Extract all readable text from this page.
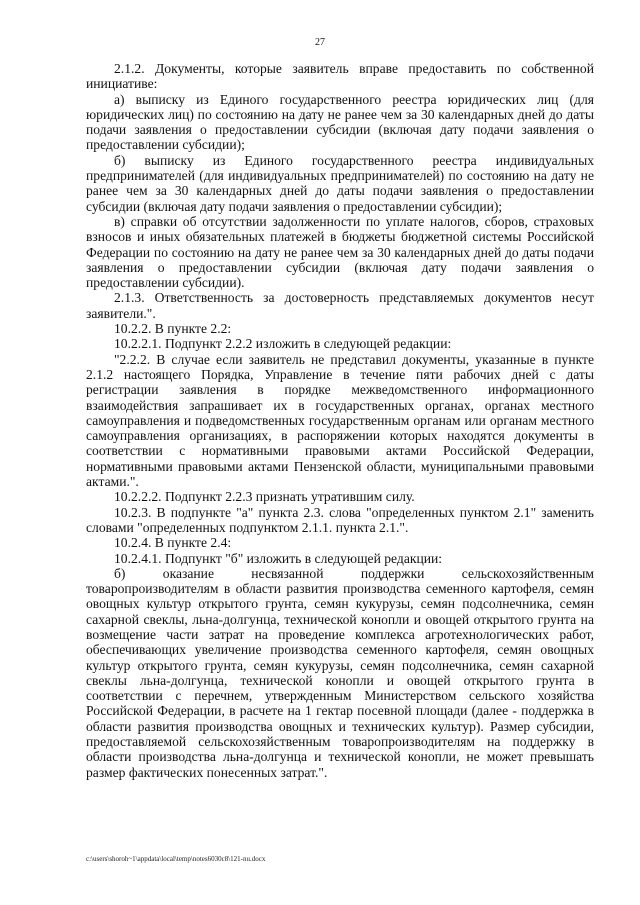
27

2.1.2. Документы, которые заявитель вправе предоставить по собственной инициативе:

а) выписку из Единого государственного реестра юридических лиц (для юридических лиц) по состоянию на дату не ранее чем за 30 календарных дней до даты подачи заявления о предоставлении субсидии (включая дату подачи заявления о предоставлении субсидии);

б) выписку из Единого государственного реестра индивидуальных предпринимателей (для индивидуальных предпринимателей) по состоянию на дату не ранее чем за 30 календарных дней до даты подачи заявления о предоставлении субсидии (включая дату подачи заявления о предоставлении субсидии);

в) справки об отсутствии задолженности по уплате налогов, сборов, страховых взносов и иных обязательных платежей в бюджеты бюджетной системы Российской Федерации по состоянию на дату не ранее чем за 30 календарных дней до даты подачи заявления о предоставлении субсидии (включая дату подачи заявления о предоставлении субсидии).

2.1.3. Ответственность за достоверность представляемых документов несут заявители.".

10.2.2. В пункте 2.2:

10.2.2.1. Подпункт 2.2.2 изложить в следующей редакции:

"2.2.2. В случае если заявитель не представил документы, указанные в пункте 2.1.2 настоящего Порядка, Управление в течение пяти рабочих дней с даты регистрации заявления в порядке межведомственного информационного взаимодействия запрашивает их в государственных органах, органах местного самоуправления и подведомственных государственным органам или органам местного самоуправления организациях, в распоряжении которых находятся документы в соответствии с нормативными правовыми актами Российской Федерации, нормативными правовыми актами Пензенской области, муниципальными правовыми актами.".

10.2.2.2. Подпункт 2.2.3 признать утратившим силу.

10.2.3. В подпункте "а" пункта 2.3. слова "определенных пунктом 2.1" заменить словами "определенных подпунктом 2.1.1. пункта 2.1.".

10.2.4. В пункте 2.4:

10.2.4.1. Подпункт "б" изложить в следующей редакции:

б) оказание несвязанной поддержки сельскохозяйственным товаропроизводителям в области развития производства семенного картофеля, семян овощных культур открытого грунта, семян кукурузы, семян подсолнечника, семян сахарной свеклы, льна-долгунца, технической конопли и овощей открытого грунта на возмещение части затрат на проведение комплекса агротехнологических работ, обеспечивающих увеличение производства семенного картофеля, семян овощных культур открытого грунта, семян кукурузы, семян подсолнечника, семян сахарной свеклы льна-долгунца, технической конопли и овощей открытого грунта в соответствии с перечнем, утвержденным Министерством сельского хозяйства Российской Федерации, в расчете на 1 гектар посевной площади (далее - поддержка в области развития производства овощных и технических культур). Размер субсидии, предоставляемой сельскохозяйственным товаропроизводителям на поддержку в области производства льна-долгунца и технической конопли, не может превышать размер фактических понесенных затрат.".

c:\users\shoroh~1\appdata\local\temp\notes6030c8\121-nu.docx
